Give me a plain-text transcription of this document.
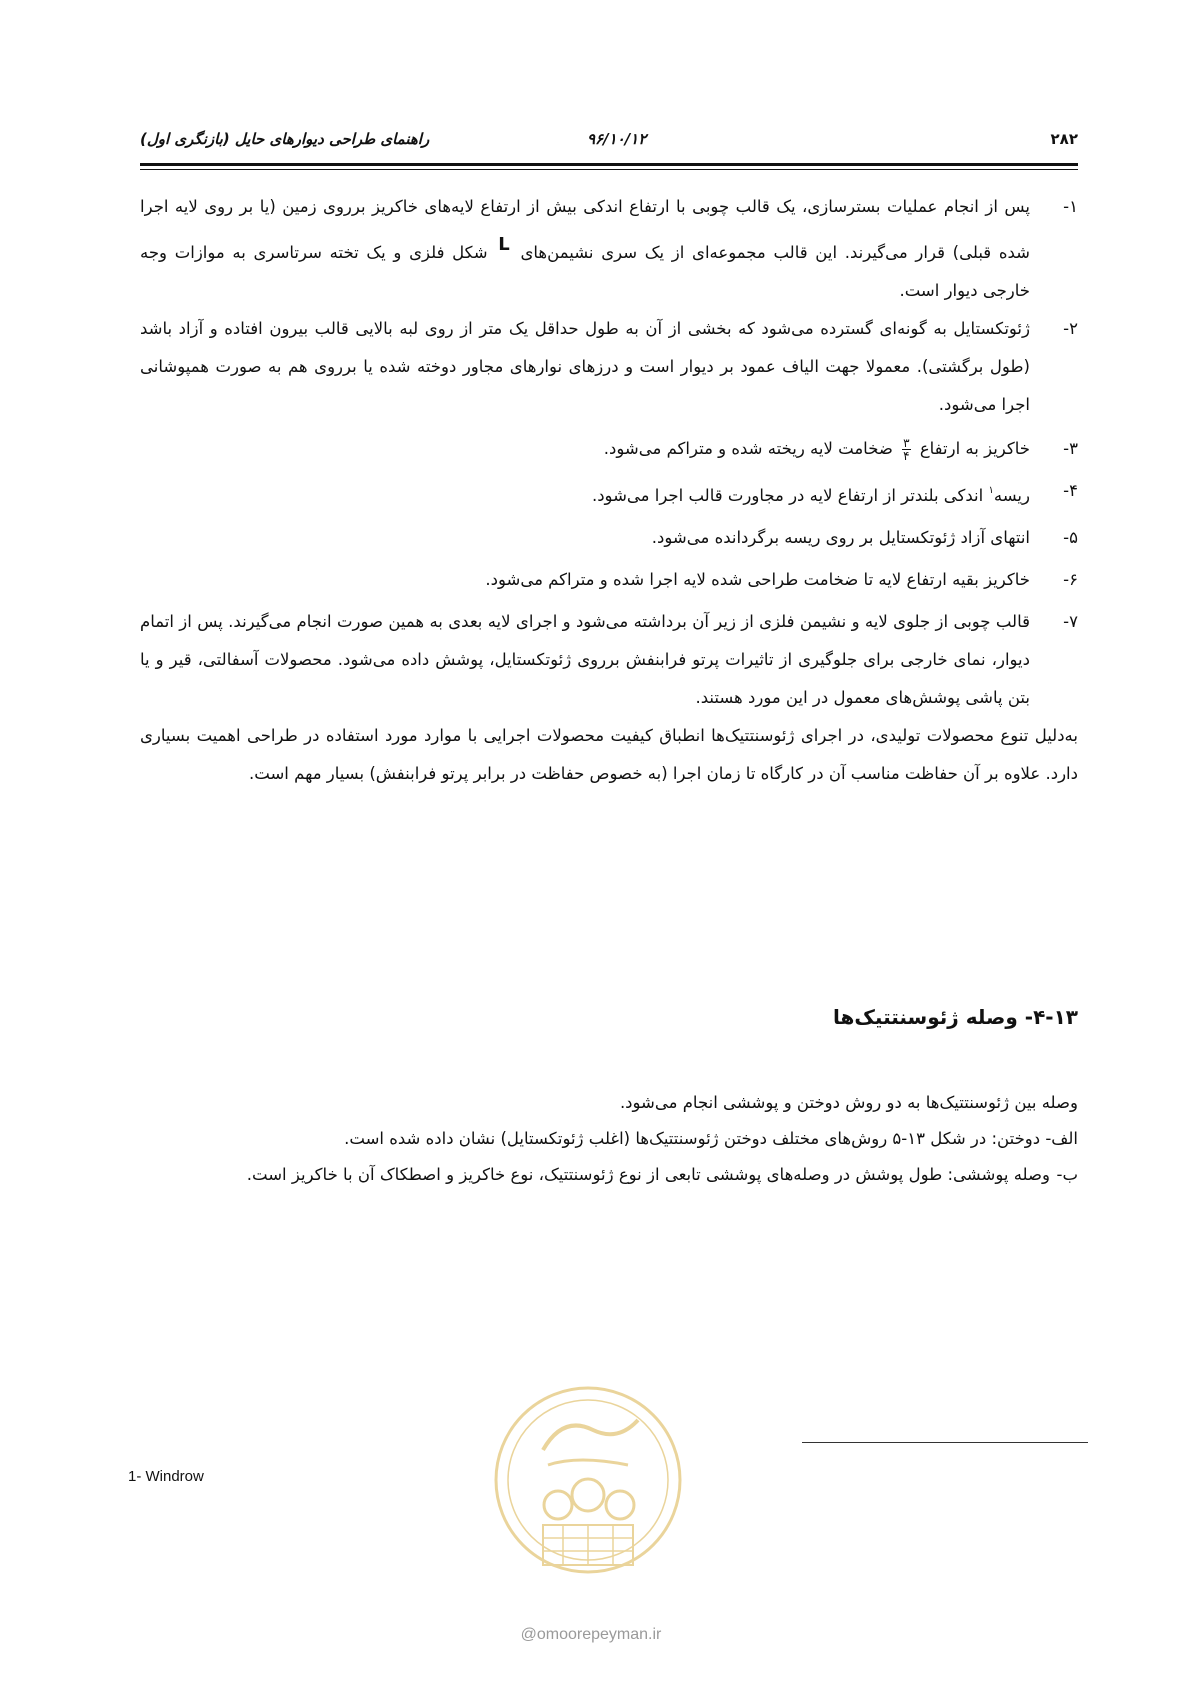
۲۸۲
۹۶/۱۰/۱۲
راهنمای طراحی دیوارهای حایل (بازنگری اول)

۱-
پس از انجام عملیات بسترسازی، یک قالب چوبی با ارتفاع اندکی بیش از ارتفاع لایه‌های خاکریز برروی زمین (یا بر روی لایه اجرا شده قبلی) قرار می‌گیرند. این قالب مجموعه‌ای از یک سری نشیمن‌های L شکل فلزی و یک تخته سرتاسری به موازات وجه خارجی دیوار است.

۲-
ژئوتکستایل به گونه‌ای گسترده می‌شود که بخشی از آن به طول حداقل یک متر از روی لبه بالایی قالب بیرون افتاده و آزاد باشد (طول برگشتی). معمولا جهت الیاف عمود بر دیوار است و درزهای نوارهای مجاور دوخته شده یا برروی هم به صورت همپوشانی اجرا می‌شود.

۳-
خاکریز به ارتفاع
$\frac{۳}{۴}$
ضخامت لایه ریخته شده و متراکم می‌شود.

۴-
ریسه$^۱$ اندکی بلندتر از ارتفاع لایه در مجاورت قالب اجرا می‌شود.

۵-
انتهای آزاد ژئوتکستایل بر روی ریسه برگردانده می‌شود.

۶-
خاکریز بقیه ارتفاع لایه تا ضخامت طراحی شده لایه اجرا شده و متراکم می‌شود.

۷-
قالب چوبی از جلوی لایه و نشیمن فلزی از زیر آن برداشته می‌شود و اجرای لایه بعدی به همین صورت انجام می‌گیرند. پس از اتمام دیوار، نمای خارجی برای جلوگیری از تاثیرات پرتو فرابنفش برروی ژئوتکستایل، پوشش داده می‌شود. محصولات آسفالتی، قیر و یا بتن پاشی پوشش‌های معمول در این مورد هستند.

به‌دلیل تنوع محصولات تولیدی، در اجرای ژئوسنتتیک‌ها انطباق کیفیت محصولات اجرایی با موارد مورد استفاده در طراحی اهمیت بسیاری دارد. علاوه بر آن حفاظت مناسب آن در کارگاه تا زمان اجرا (به خصوص حفاظت در برابر پرتو فرابنفش) بسیار مهم است.

۴-۱۳- وصله ژئوسنتتیک‌ها

وصله بین ژئوسنتتیک‌ها به دو روش دوختن و پوششی انجام می‌شود.

الف- دوختن: در شکل ۱۳-۵ روش‌های مختلف دوختن ژئوسنتتیک‌ها (اغلب ژئوتکستایل) نشان داده شده است.

ب-
وصله پوششی: طول پوشش در وصله‌های پوششی تابعی از نوع ژئوسنتتیک، نوع خاکریز و اصطکاک آن با خاکریز است.

1- Windrow
@omoorepeyman.ir
